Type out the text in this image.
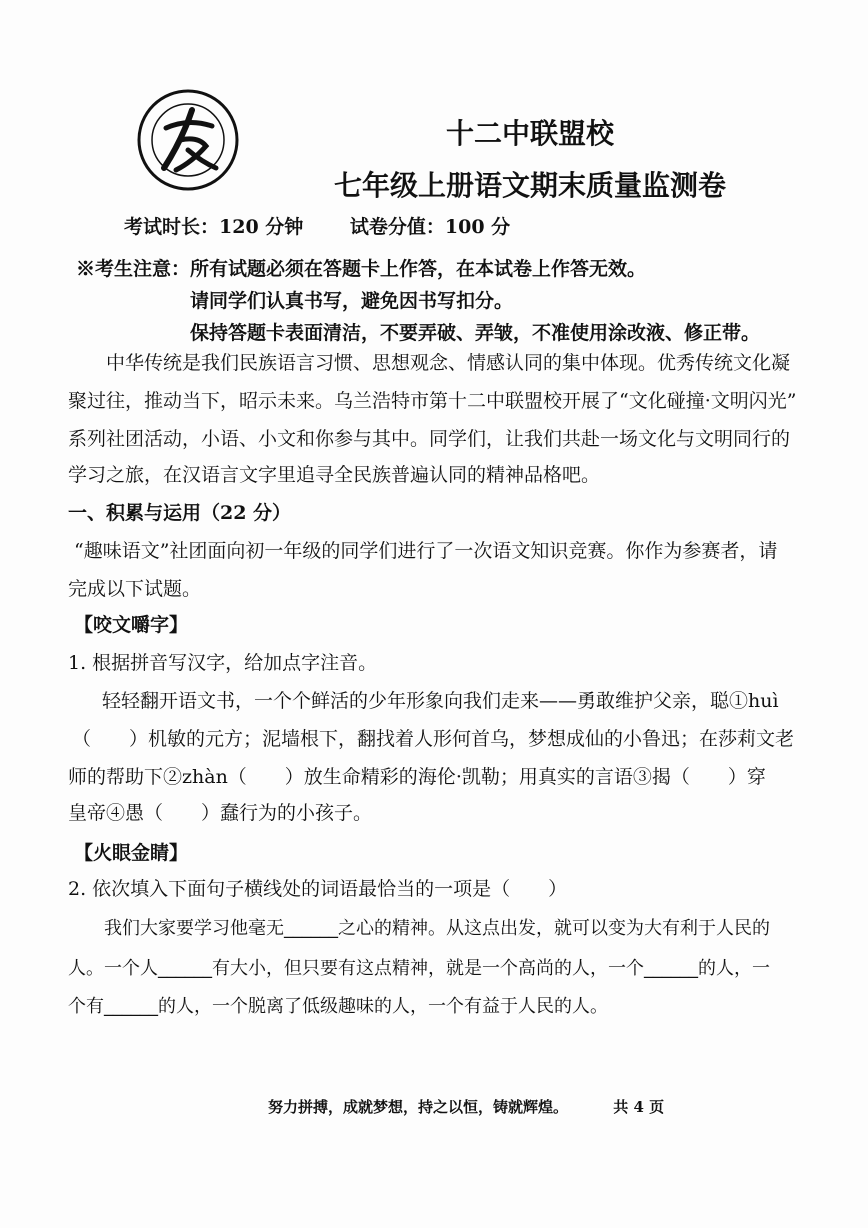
十二中联盟校
七年级上册语文期末质量监测卷
考试时长：120 分钟 试卷分值：100 分
※考生注意：所有试题必须在答题卡上作答，在本试卷上作答无效。
请同学们认真书写，避免因书写扣分。
保持答题卡表面清洁，不要弄破、弄皱，不准使用涂改液、修正带。
中华传统是我们民族语言习惯、思想观念、情感认同的集中体现。优秀传统文化凝
聚过往，推动当下，昭示未来。乌兰浩特市第十二中联盟校开展了“文化碰撞·文明闪光”
系列社团活动，小语、小文和你参与其中。同学们，让我们共赴一场文化与文明同行的
学习之旅，在汉语言文字里追寻全民族普遍认同的精神品格吧。
一、积累与运用（22 分）
“趣味语文”社团面向初一年级的同学们进行了一次语文知识竞赛。你作为参赛者，请
完成以下试题。
【咬文嚼字】
1. 根据拼音写汉字，给加点字注音。
轻轻翻开语文书，一个个鲜活的少年形象向我们走来——勇敢维护父亲，聪①huì
（　　）机敏的元方；泥墙根下，翻找着人形何首乌，梦想成仙的小鲁迅；在莎莉文老
师的帮助下②zhàn（　　）放生命精彩的海伦·凯勒；用真实的言语③揭（　　）穿
皇帝④愚（　　）蠢行为的小孩子。
【火眼金睛】
2. 依次填入下面句子横线处的词语最恰当的一项是（　　）
我们大家要学习他毫无______之心的精神。从这点出发，就可以变为大有利于人民的
人。一个人______有大小，但只要有这点精神，就是一个高尚的人，一个______的人，一
个有______的人，一个脱离了低级趣味的人，一个有益于人民的人。
努力拼搏，成就梦想，持之以恒，铸就辉煌。	共 4 页
